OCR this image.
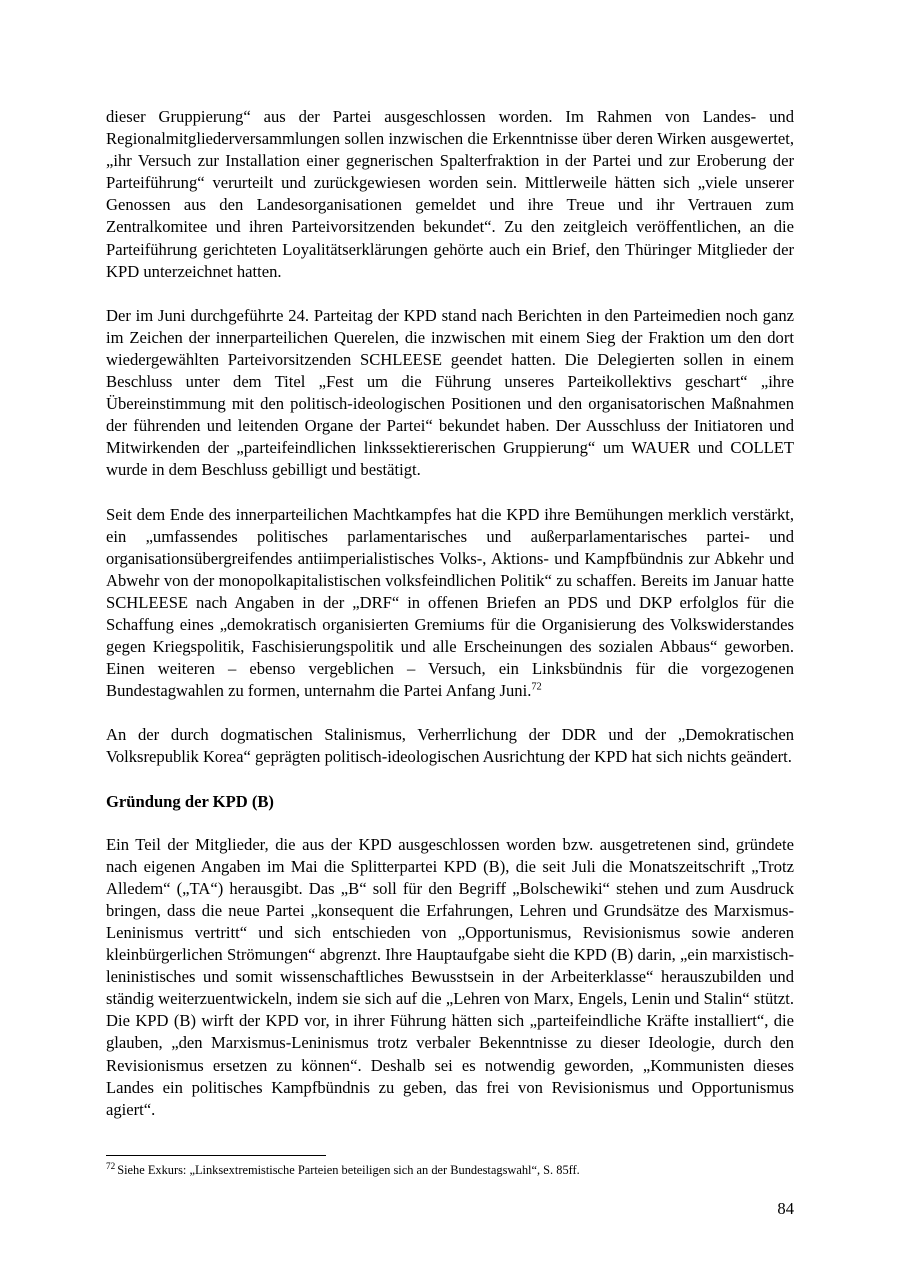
dieser Gruppierung“ aus der Partei ausgeschlossen worden. Im Rahmen von Landes- und Regionalmitgliederversammlungen sollen inzwischen die Erkenntnisse über deren Wirken ausgewertet, „ihr Versuch zur Installation einer gegnerischen Spalterfraktion in der Partei und zur Eroberung der Parteiführung“ verurteilt und zurückgewiesen worden sein. Mittlerweile hätten sich „viele unserer Genossen aus den Landesorganisationen gemeldet und ihre Treue und ihr Vertrauen zum Zentralkomitee und ihren Parteivorsitzenden bekundet“. Zu den zeitgleich veröffentlichen, an die Parteiführung gerichteten Loyalitätserklärungen gehörte auch ein Brief, den Thüringer Mitglieder der KPD unterzeichnet hatten.

Der im Juni durchgeführte 24. Parteitag der KPD stand nach Berichten in den Parteimedien noch ganz im Zeichen der innerparteilichen Querelen, die inzwischen mit einem Sieg der Fraktion um den dort wiedergewählten Parteivorsitzenden SCHLEESE geendet hatten. Die Delegierten sollen in einem Beschluss unter dem Titel „Fest um die Führung unseres Parteikollektivs geschart“ „ihre Übereinstimmung mit den politisch-ideologischen Positionen und den organisatorischen Maßnahmen der führenden und leitenden Organe der Partei“ bekundet haben. Der Ausschluss der Initiatoren und Mitwirkenden der „parteifeindlichen linkssektiererischen Gruppierung“ um WAUER und COLLET wurde in dem Beschluss gebilligt und bestätigt.

Seit dem Ende des innerparteilichen Machtkampfes hat die KPD ihre Bemühungen merklich verstärkt, ein „umfassendes politisches parlamentarisches und außerparlamentarisches partei- und organisationsübergreifendes antiimperialistisches Volks-, Aktions- und Kampfbündnis zur Abkehr und Abwehr von der monopolkapitalistischen volksfeindlichen Politik“ zu schaffen. Bereits im Januar hatte SCHLEESE nach Angaben in der „DRF“ in offenen Briefen an PDS und DKP erfolglos für die Schaffung eines „demokratisch organisierten Gremiums für die Organisierung des Volkswiderstandes gegen Kriegspolitik, Faschisierungspolitik und alle Erscheinungen des sozialen Abbaus“ geworben. Einen weiteren – ebenso vergeblichen – Versuch, ein Linksbündnis für die vorgezogenen Bundestagwahlen zu formen, unternahm die Partei Anfang Juni.$^{72}$

An der durch dogmatischen Stalinismus, Verherrlichung der DDR und der „Demokratischen Volksrepublik Korea“ geprägten politisch-ideologischen Ausrichtung der KPD hat sich nichts geändert.

Gründung der KPD (B)

Ein Teil der Mitglieder, die aus der KPD ausgeschlossen worden bzw. ausgetretenen sind, gründete nach eigenen Angaben im Mai die Splitterpartei KPD (B), die seit Juli die Monatszeitschrift „Trotz Alledem“ („TA“) herausgibt. Das „B“ soll für den Begriff „Bolschewiki“ stehen und zum Ausdruck bringen, dass die neue Partei „konsequent die Erfahrungen, Lehren und Grundsätze des Marxismus-Leninismus vertritt“ und sich entschieden von „Opportunismus, Revisionismus sowie anderen kleinbürgerlichen Strömungen“ abgrenzt. Ihre Hauptaufgabe sieht die KPD (B) darin, „ein marxistisch-leninistisches und somit wissenschaftliches Bewusstsein in der Arbeiterklasse“ herauszubilden und ständig weiterzuentwickeln, indem sie sich auf die „Lehren von Marx, Engels, Lenin und Stalin“ stützt. Die KPD (B) wirft der KPD vor, in ihrer Führung hätten sich „parteifeindliche Kräfte installiert“, die glauben, „den Marxismus-Leninismus trotz verbaler Bekenntnisse zu dieser Ideologie, durch den Revisionismus ersetzen zu können“. Deshalb sei es notwendig geworden, „Kommunisten dieses Landes ein politisches Kampfbündnis zu geben, das frei von Revisionismus und Opportunismus agiert“.

$^{72}$ Siehe Exkurs: „Linksextremistische Parteien beteiligen sich an der Bundestagswahl“, S. 85ff.
84
